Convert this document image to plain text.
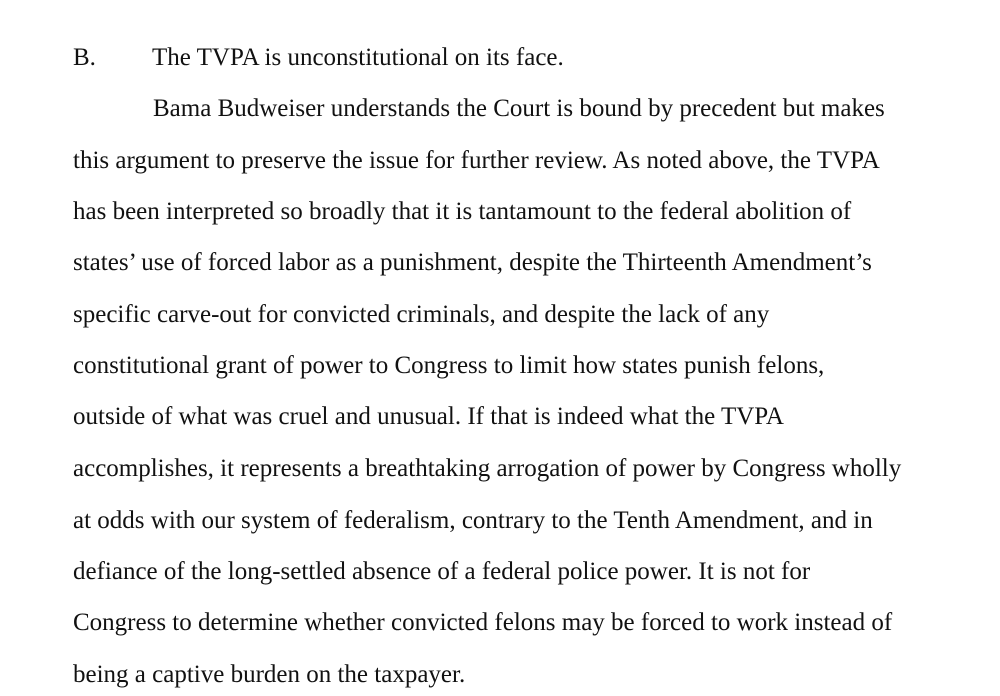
B. The TVPA is unconstitutional on its face.
Bama Budweiser understands the Court is bound by precedent but makes
this argument to preserve the issue for further review. As noted above, the TVPA
has been interpreted so broadly that it is tantamount to the federal abolition of
states’ use of forced labor as a punishment, despite the Thirteenth Amendment’s
specific carve-out for convicted criminals, and despite the lack of any
constitutional grant of power to Congress to limit how states punish felons,
outside of what was cruel and unusual. If that is indeed what the TVPA
accomplishes, it represents a breathtaking arrogation of power by Congress wholly
at odds with our system of federalism, contrary to the Tenth Amendment, and in
defiance of the long-settled absence of a federal police power. It is not for
Congress to determine whether convicted felons may be forced to work instead of
being a captive burden on the taxpayer.
